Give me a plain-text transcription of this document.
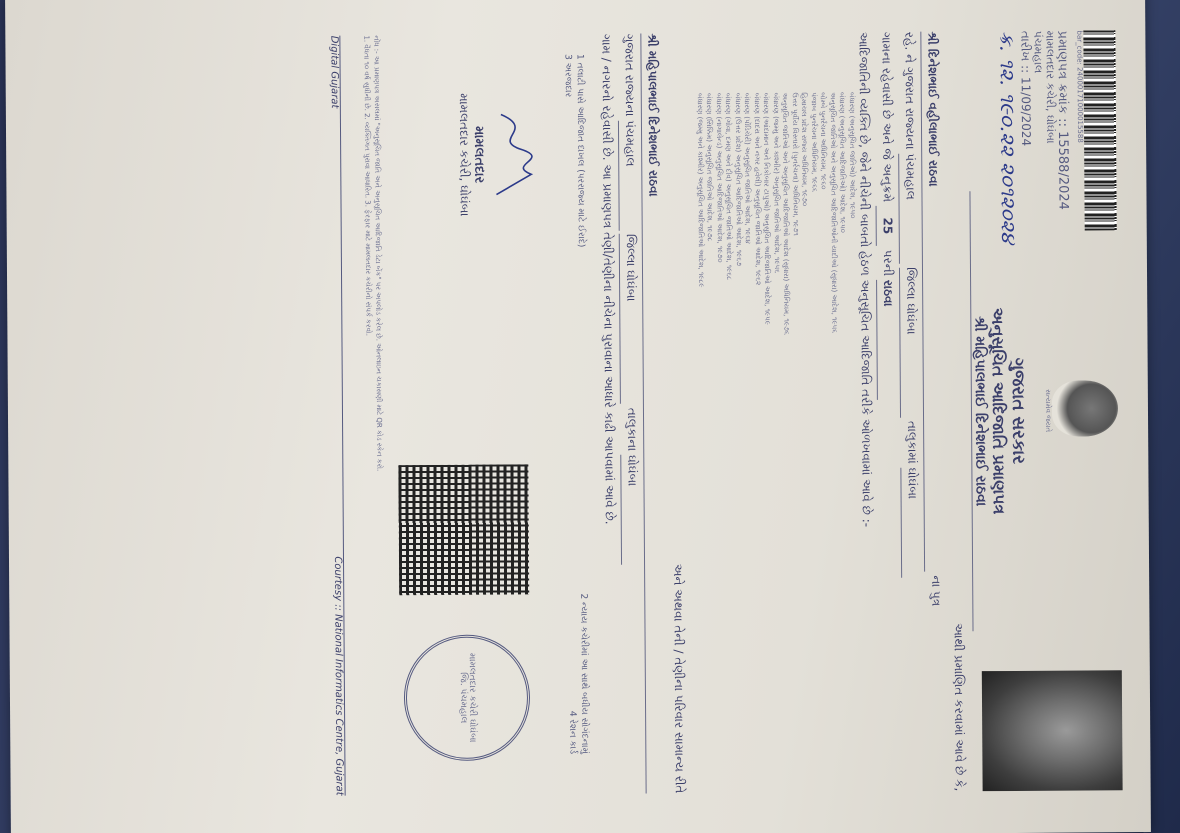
bar_code: 24000171000015588
પ્રમાણપત્ર ક્રમાંક :: 15588/2024
મામલતદાર કચેરી, ઘોઘંબા
પંચમહાલ
તારીખ :: 11/09/2024
ક્ર. ૧૨. ૧૯૦.૨૨ ૨૦૧૨૦૨૪
સત્યમેવ જયતે
ગુજરાત સરકાર
અનુસૂચિત આદિજાતિ પ્રમાણપત્ર
શ્રી મહિપાલભાઈ દિનેશભાઈ રાઠવા
આથી પ્રમાણિત કરવામાં આવે છે કે,
શ્રી દિનેશભાઈ વહીલાભાઈ રાઠવા ના પુત્ર
રહે. ને ગુજરાત રાજ્યના પંચમહાલ જિલ્લા ઘોઘંબા તાલુકામાં ઘોઘંબા
ગામના રહેવાસી છે અને જે અનુક્રમે 25 પરની રાઠવા
આદિજાતિની વ્યક્તિ છે, જેને નીચેની બાબતો હેઠળ અનુસૂચિત આદિજાતિ તરીકે ઓળખવામાં આવે છે :-
બંધારણ (અનુસૂચિત જાતિઓ) આદેશ, ૧૯૫૦
બંધારણ (અનુસૂચિત આદિજાતિઓ) આદેશ, ૧૯૫૦
અનુસૂચિત જાતિઓ અને અનુસૂચિત આદિજાતિઓની યાદીઓ (સુધારા) આદેશ, ૧૯૫૬
બોમ્બે પુનર્રચના અધિનિયમ, ૧૯૬૦
પંજાબ પુનર્રચના અધિનિયમ, ૧૯૬૬
હિમાચલ પ્રદેશ રાજ્ય અધિનિયમ, ૧૯૭૦
ઉત્તર પૂર્વીય વિસ્તારો (પુનર્રચના) અધિનિયમ, ૧૯૭૧
અનુસૂચિત જાતિઓ અને અનુસૂચિત આદિજાતિઓ આદેશ (સુધારા) અધિનિયમ, ૧૯૭૬
બંધારણ (જમ્મુ અને કાશ્મીર) અનુસૂચિત જાતિઓ આદેશ, ૧૯૫૬
બંધારણ (આંદામાન અને નિકોબાર ટાપુઓ) અનુસૂચિત આદિજાતિઓ આદેશ, ૧૯૫૯
બંધારણ (દાદરા અને નગર હવેલી) અનુસૂચિત જાતિઓ આદેશ, ૧૯૬૨
બંધારણ (પોંડિચેરી) અનુસૂચિત જાતિઓ આદેશ, ૧૯૬૪
બંધારણ (ઉત્તર પ્રદેશ) અનુસૂચિત આદિજાતિઓ આદેશ, ૧૯૬૭
બંધારણ (ગોવા, દમણ અને દીવ) અનુસૂચિત જાતિઓ આદેશ, ૧૯૬૮
બંધારણ (નાગાલેન્ડ) અનુસૂચિત આદિજાતિઓ આદેશ, ૧૯૭૦
બંધારણ (સિક્કિમ) અનુસૂચિત જાતિઓ આદેશ, ૧૯૭૮
બંધારણ (જમ્મુ અને કાશ્મીર) અનુસૂચિત આદિજાતિઓ આદેશ, ૧૯૮૯
અને અથવા તેની / તેણીના પરિવાર સામાન્ય રીતે
શ્રી મહિપાલભાઈ દિનેશભાઈ રાઠવા
ગુજરાત રાજ્યના પંચમહાલ જિલ્લા ઘોઘંબા તાલુકાના ઘોઘંબા
ગામ / નગરનો રહેવાસી છે. આ પ્રમાણપત્ર તેણી/તેણીના નીચેના પુરાવાના આધારે કાઢી આપવામાં આવે છે.
1 તલાટી પાસે આદિજાત દાખલ (પરરાજ્ય માટે ઈરાદે)
2 ન્યાય કચેરીમાં આ સાથે બધીય સોગંદનામું
3 અરજદાર
4 રેશન કાર્ડ
મામલતદાર
મામલતદાર કચેરી, ઘોઘંબા
મામલતદાર કચેરી ઘોઘંબા જિ. પંચમહાલ
નોંધ :- આ પ્રમાણપત્ર અસલમાં "અનુસૂચિત જાતિ અને અનુસૂચિત આદિજાતિ ડેટા બેંક" પર અપલોડ કરેલ છે. ઓનલાઇન ચકાસણી માટે QR કોડ સ્કેન કરો.
1. વૈધતા ૧૦ વર્ષ સુધીની છે. 2. વ્યક્તિગત પુરાવા આધારિત. 3. ફેરફાર માટે મામલતદાર કચેરીનો સંપર્ક કરવો.
Digital Gujarat
Courtesy :: National Informatics Centre, Gujarat
